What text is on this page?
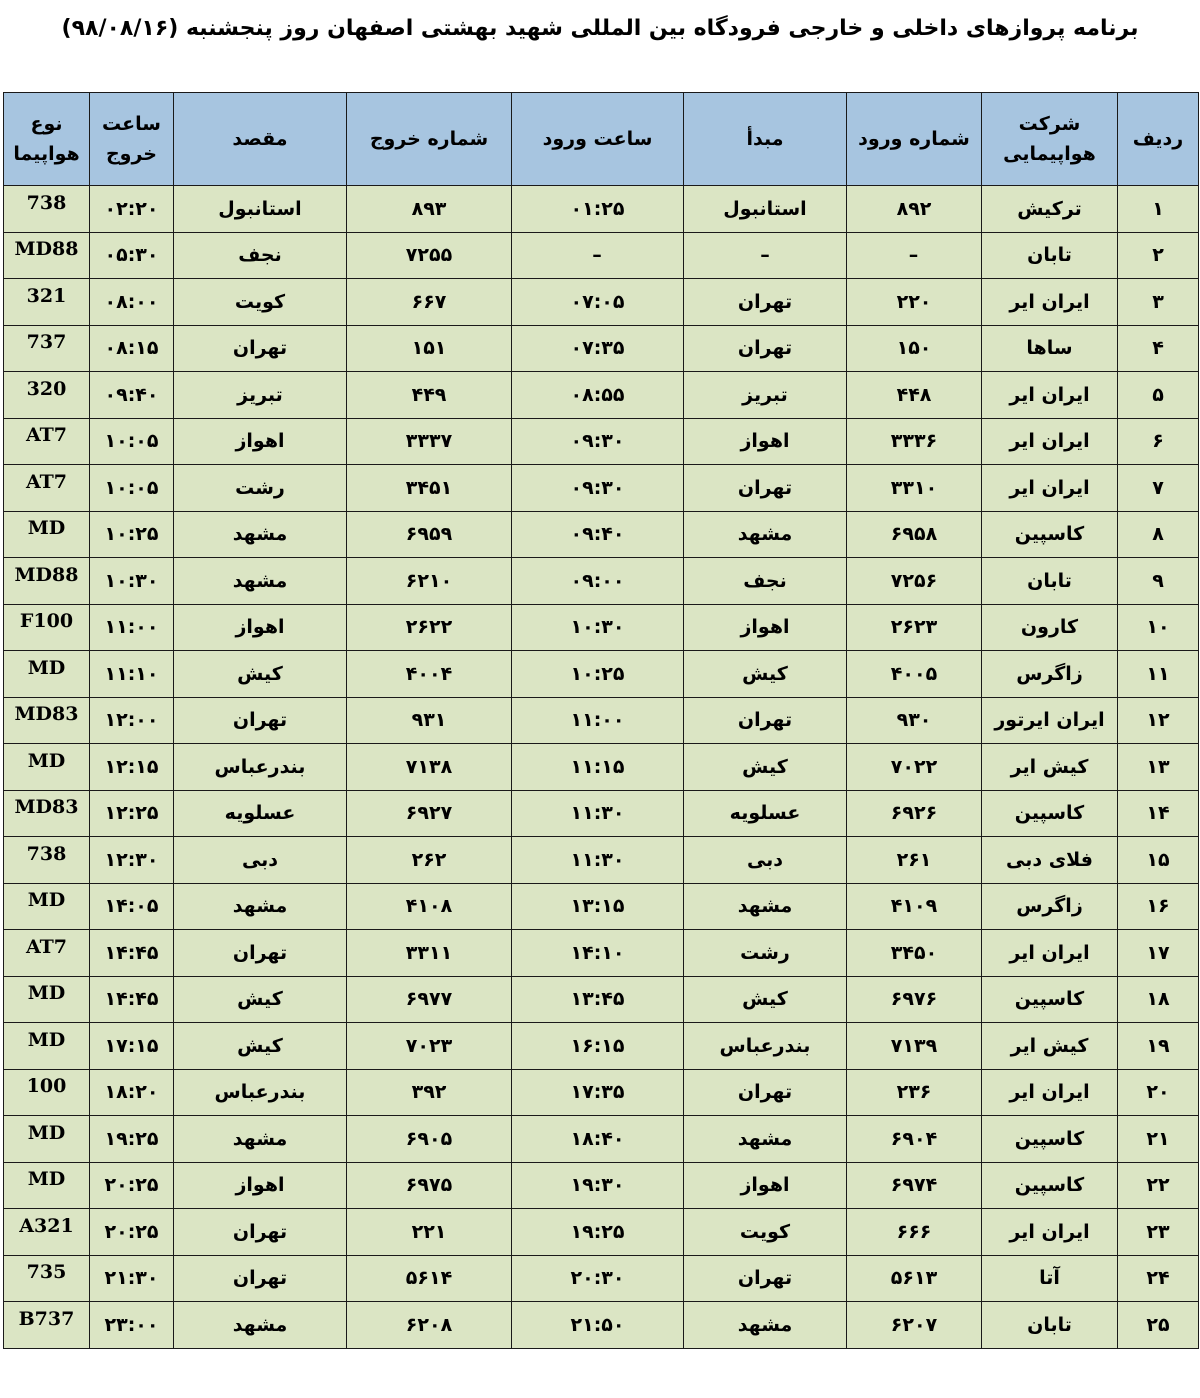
برنامه پروازهای داخلی و خارجی فرودگاه بین المللی شهید بهشتی اصفهان روز پنجشنبه (۹۸/۰۸/۱۶)
ردیف	شرکت هواپیمایی	شماره ورود	مبدأ	ساعت ورود	شماره خروج	مقصد	ساعت خروج	نوع هواپیما
۱	ترکیش	۸۹۲	استانبول	۰۱:۲۵	۸۹۳	استانبول	۰۲:۲۰	738
۲	تابان	–	–	–	۷۲۵۵	نجف	۰۵:۳۰	MD88
۳	ایران ایر	۲۲۰	تهران	۰۷:۰۵	۶۶۷	کویت	۰۸:۰۰	321
۴	ساها	۱۵۰	تهران	۰۷:۳۵	۱۵۱	تهران	۰۸:۱۵	737
۵	ایران ایر	۴۴۸	تبریز	۰۸:۵۵	۴۴۹	تبریز	۰۹:۴۰	320
۶	ایران ایر	۳۳۳۶	اهواز	۰۹:۳۰	۳۳۳۷	اهواز	۱۰:۰۵	AT7
۷	ایران ایر	۳۳۱۰	تهران	۰۹:۳۰	۳۴۵۱	رشت	۱۰:۰۵	AT7
۸	کاسپین	۶۹۵۸	مشهد	۰۹:۴۰	۶۹۵۹	مشهد	۱۰:۲۵	MD
۹	تابان	۷۲۵۶	نجف	۰۹:۰۰	۶۲۱۰	مشهد	۱۰:۳۰	MD88
۱۰	کارون	۲۶۲۳	اهواز	۱۰:۳۰	۲۶۲۲	اهواز	۱۱:۰۰	F100
۱۱	زاگرس	۴۰۰۵	کیش	۱۰:۲۵	۴۰۰۴	کیش	۱۱:۱۰	MD
۱۲	ایران ایرتور	۹۳۰	تهران	۱۱:۰۰	۹۳۱	تهران	۱۲:۰۰	MD83
۱۳	کیش ایر	۷۰۲۲	کیش	۱۱:۱۵	۷۱۳۸	بندرعباس	۱۲:۱۵	MD
۱۴	کاسپین	۶۹۲۶	عسلویه	۱۱:۳۰	۶۹۲۷	عسلویه	۱۲:۲۵	MD83
۱۵	فلای دبی	۲۶۱	دبی	۱۱:۳۰	۲۶۲	دبی	۱۲:۳۰	738
۱۶	زاگرس	۴۱۰۹	مشهد	۱۳:۱۵	۴۱۰۸	مشهد	۱۴:۰۵	MD
۱۷	ایران ایر	۳۴۵۰	رشت	۱۴:۱۰	۳۳۱۱	تهران	۱۴:۴۵	AT7
۱۸	کاسپین	۶۹۷۶	کیش	۱۳:۴۵	۶۹۷۷	کیش	۱۴:۴۵	MD
۱۹	کیش ایر	۷۱۳۹	بندرعباس	۱۶:۱۵	۷۰۲۳	کیش	۱۷:۱۵	MD
۲۰	ایران ایر	۲۳۶	تهران	۱۷:۳۵	۳۹۲	بندرعباس	۱۸:۲۰	100
۲۱	کاسپین	۶۹۰۴	مشهد	۱۸:۴۰	۶۹۰۵	مشهد	۱۹:۲۵	MD
۲۲	کاسپین	۶۹۷۴	اهواز	۱۹:۳۰	۶۹۷۵	اهواز	۲۰:۲۵	MD
۲۳	ایران ایر	۶۶۶	کویت	۱۹:۲۵	۲۲۱	تهران	۲۰:۲۵	A321
۲۴	آتا	۵۶۱۳	تهران	۲۰:۳۰	۵۶۱۴	تهران	۲۱:۳۰	735
۲۵	تابان	۶۲۰۷	مشهد	۲۱:۵۰	۶۲۰۸	مشهد	۲۳:۰۰	B737
